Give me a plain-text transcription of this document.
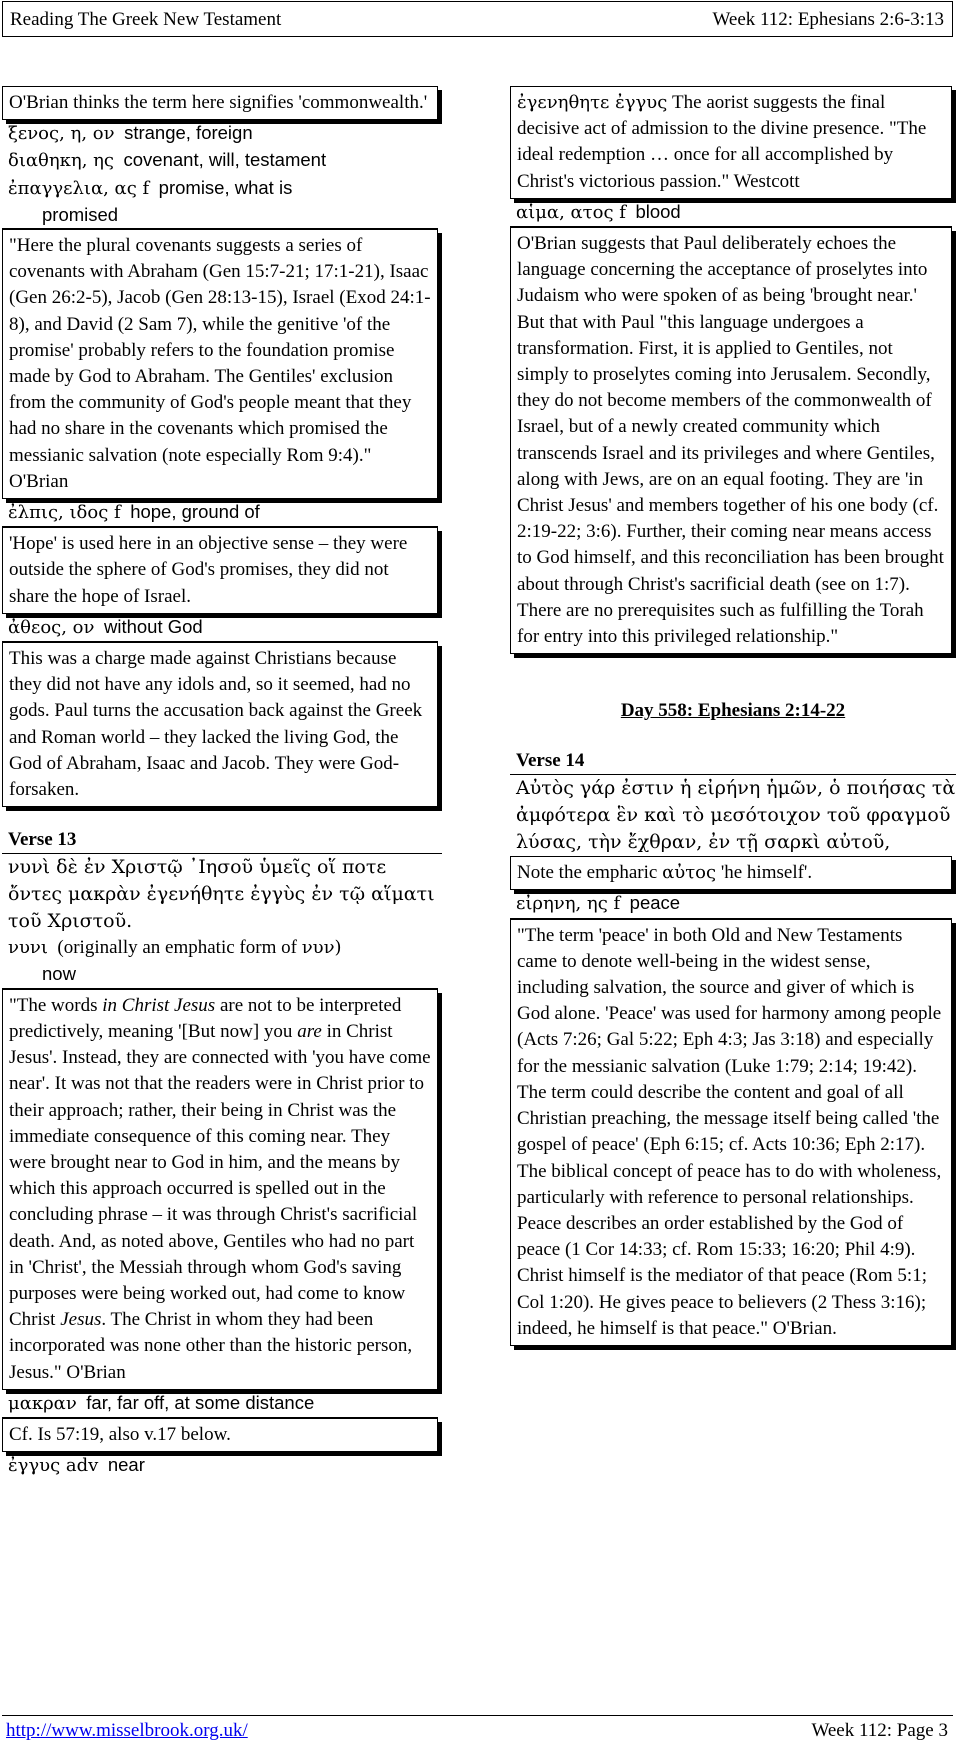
Reading The Greek New Testament	Week 112: Ephesians 2:6-3:13
O'Brian thinks the term here signifies 'commonwealth.'
ξενος, η, ον strange, foreign
διαθηκη, ης covenant, will, testament
ἐπαγγελια, ας f promise, what is
promised
"Here the plural covenants suggests a series of covenants with Abraham (Gen 15:7-21; 17:1-21), Isaac (Gen 26:2-5), Jacob (Gen 28:13-15), Israel (Exod 24:1-8), and David (2 Sam 7), while the genitive 'of the promise' probably refers to the foundation promise made by God to Abraham. The Gentiles' exclusion from the community of God's people meant that they had no share in the covenants which promised the messianic salvation (note especially Rom 9:4)." O'Brian
ἐλπις, ιδος f hope, ground of
'Hope' is used here in an objective sense – they were outside the sphere of God's promises, they did not share the hope of Israel.
ἀθεος, ον without God
This was a charge made against Christians because they did not have any idols and, so it seemed, had no gods. Paul turns the accusation back against the Greek and Roman world – they lacked the living God, the God of Abraham, Isaac and Jacob. They were God-forsaken.
Verse 13
νυνὶ δὲ ἐν Χριστῷ ᾿Ιησοῦ ὑμεῖς οἵ ποτε ὄντες μακρὰν ἐγενήθητε ἐγγὺς ἐν τῷ αἵματι τοῦ Χριστοῦ.
νυνι (originally an emphatic form of νυν)
now
"The words in Christ Jesus are not to be interpreted predictively, meaning '[But now] you are in Christ Jesus'. Instead, they are connected with 'you have come near'. It was not that the readers were in Christ prior to their approach; rather, their being in Christ was the immediate consequence of this coming near. They were brought near to God in him, and the means by which this approach occurred is spelled out in the concluding phrase – it was through Christ's sacrificial death. And, as noted above, Gentiles who had no part in 'Christ', the Messiah through whom God's saving purposes were being worked out, had come to know Christ Jesus. The Christ in whom they had been incorporated was none other than the historic person, Jesus." O'Brian
μακραν far, far off, at some distance
Cf. Is 57:19, also v.17 below.
ἐγγυς adv near
ἐγενηθητε ἐγγυς The aorist suggests the final decisive act of admission to the divine presence. "The ideal redemption … once for all accomplished by Christ's victorious passion." Westcott
αἱμα, ατος f blood
O'Brian suggests that Paul deliberately echoes the language concerning the acceptance of proselytes into Judaism who were spoken of as being 'brought near.' But that with Paul "this language undergoes a transformation. First, it is applied to Gentiles, not simply to proselytes coming into Jerusalem. Secondly, they do not become members of the commonwealth of Israel, but of a newly created community which transcends Israel and its privileges and where Gentiles, along with Jews, are on an equal footing. They are 'in Christ Jesus' and members together of his one body (cf. 2:19-22; 3:6). Further, their coming near means access to God himself, and this reconciliation has been brought about through Christ's sacrificial death (see on 1:7). There are no prerequisites such as fulfilling the Torah for entry into this privileged relationship."
Day 558: Ephesians 2:14-22
Verse 14
Αὐτὸς γάρ ἐστιν ἡ εἰρήνη ἡμῶν, ὁ ποιήσας τὰ ἀμφότερα ἓν καὶ τὸ μεσότοιχον τοῦ φραγμοῦ λύσας, τὴν ἔχθραν, ἐν τῇ σαρκὶ αὐτοῦ,
Note the empharic αὐτος 'he himself'.
εἰρηνη, ης f peace
"The term 'peace' in both Old and New Testaments came to denote well-being in the widest sense, including salvation, the source and giver of which is God alone. 'Peace' was used for harmony among people (Acts 7:26; Gal 5:22; Eph 4:3; Jas 3:18) and especially for the messianic salvation (Luke 1:79; 2:14; 19:42). The term could describe the content and goal of all Christian preaching, the message itself being called 'the gospel of peace' (Eph 6:15; cf. Acts 10:36; Eph 2:17). The biblical concept of peace has to do with wholeness, particularly with reference to personal relationships. Peace describes an order established by the God of peace (1 Cor 14:33; cf. Rom 15:33; 16:20; Phil 4:9). Christ himself is the mediator of that peace (Rom 5:1; Col 1:20). He gives peace to believers (2 Thess 3:16); indeed, he himself is that peace." O'Brian.
http://www.misselbrook.org.uk/	Week 112: Page 3
